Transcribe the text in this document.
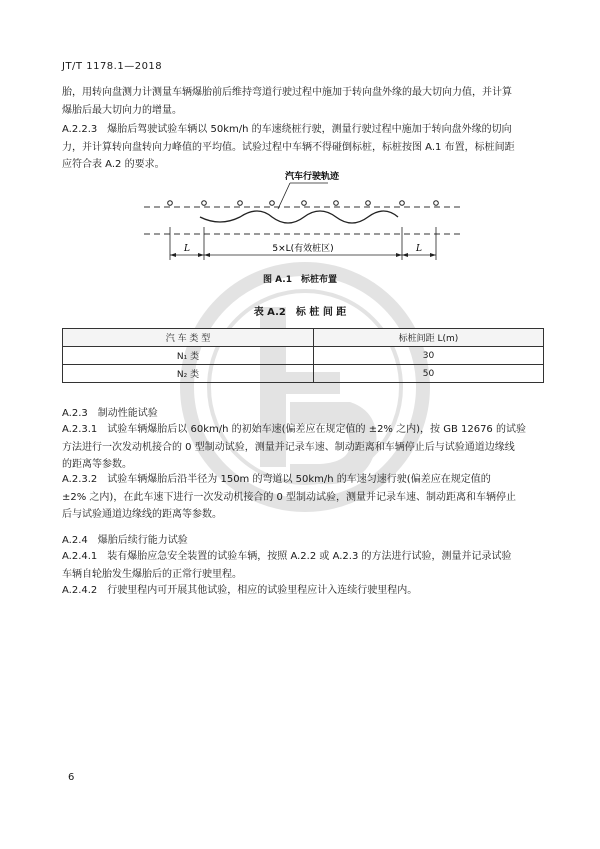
JT/T 1178.1—2018
胎，用转向盘测力计测量车辆爆胎前后维持弯道行驶过程中施加于转向盘外缘的最大切向力值，并计算
爆胎后最大切向力的增量。
A.2.2.3　爆胎后驾驶试验车辆以 50km/h 的车速绕桩行驶，测量行驶过程中施加于转向盘外缘的切向
力，并计算转向盘转向力峰值的平均值。试验过程中车辆不得碰倒标桩，标桩按图 A.1 布置，标桩间距
应符合表 A.2 的要求。
汽车行驶轨迹
L	5×L(有效桩区)	L
图 A.1　标桩布置
表 A.2　标 桩 间 距
汽 车 类 型	标桩间距 L(m)
N₁ 类	30
N₂ 类	50
A.2.3　制动性能试验
A.2.3.1　试验车辆爆胎后以 60km/h 的初始车速(偏差应在规定值的 ±2% 之内)，按 GB 12676 的试验
方法进行一次发动机接合的 0 型制动试验，测量并记录车速、制动距离和车辆停止后与试验通道边缘线
的距离等参数。
A.2.3.2　试验车辆爆胎后沿半径为 150m 的弯道以 50km/h 的车速匀速行驶(偏差应在规定值的
±2% 之内)，在此车速下进行一次发动机接合的 0 型制动试验，测量并记录车速、制动距离和车辆停止
后与试验通道边缘线的距离等参数。
A.2.4　爆胎后续行能力试验
A.2.4.1　装有爆胎应急安全装置的试验车辆，按照 A.2.2 或 A.2.3 的方法进行试验，测量并记录试验
车辆自轮胎发生爆胎后的正常行驶里程。
A.2.4.2　行驶里程内可开展其他试验，相应的试验里程应计入连续行驶里程内。
6
